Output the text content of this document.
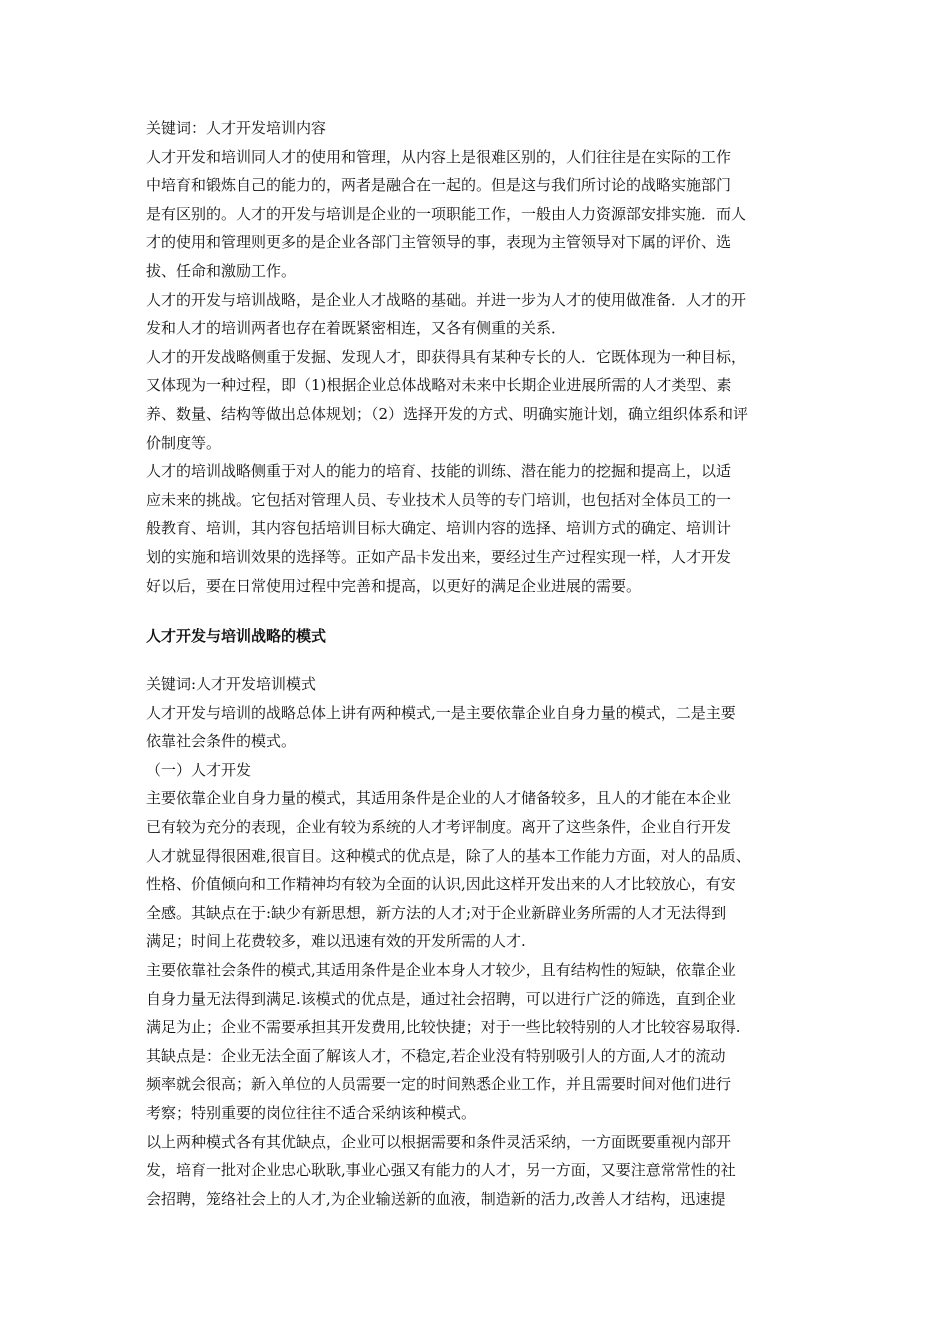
关键词：人才开发培训内容
人才开发和培训同人才的使用和管理，从内容上是很难区别的，人们往往是在实际的工作
中培育和锻炼自己的能力的，两者是融合在一起的。但是这与我们所讨论的战略实施部门
是有区别的。人才的开发与培训是企业的一项职能工作，一般由人力资源部安排实施．而人
才的使用和管理则更多的是企业各部门主管领导的事，表现为主管领导对下属的评价、选
拔、任命和激励工作。
人才的开发与培训战略，是企业人才战略的基础。并进一步为人才的使用做准备．人才的开
发和人才的培训两者也存在着既紧密相连，又各有侧重的关系．
人才的开发战略侧重于发掘、发现人才，即获得具有某种专长的人．它既体现为一种目标，
又体现为一种过程，即（1)根据企业总体战略对未来中长期企业进展所需的人才类型、素
养、数量、结构等做出总体规划；（2）选择开发的方式、明确实施计划，确立组织体系和评
价制度等。
人才的培训战略侧重于对人的能力的培育、技能的训练、潜在能力的挖掘和提高上，以适
应未来的挑战。它包括对管理人员、专业技术人员等的专门培训，也包括对全体员工的一
般教育、培训，其内容包括培训目标大确定、培训内容的选择、培训方式的确定、培训计
划的实施和培训效果的选择等。正如产品卡发出来，要经过生产过程实现一样，人才开发
好以后，要在日常使用过程中完善和提高，以更好的满足企业进展的需要。
人才开发与培训战略的模式
关键词:人才开发培训模式
人才开发与培训的战略总体上讲有两种模式,一是主要依靠企业自身力量的模式，二是主要
依靠社会条件的模式。
（一）人才开发
主要依靠企业自身力量的模式，其适用条件是企业的人才储备较多，且人的才能在本企业
已有较为充分的表现，企业有较为系统的人才考评制度。离开了这些条件，企业自行开发
人才就显得很困难,很盲目。这种模式的优点是，除了人的基本工作能力方面，对人的品质、
性格、价值倾向和工作精神均有较为全面的认识,因此这样开发出来的人才比较放心，有安
全感。其缺点在于:缺少有新思想，新方法的人才;对于企业新辟业务所需的人才无法得到
满足；时间上花费较多，难以迅速有效的开发所需的人才.
主要依靠社会条件的模式,其适用条件是企业本身人才较少，且有结构性的短缺，依靠企业
自身力量无法得到满足.该模式的优点是，通过社会招聘，可以进行广泛的筛选，直到企业
满足为止；企业不需要承担其开发费用,比较快捷；对于一些比较特别的人才比较容易取得.
其缺点是：企业无法全面了解该人才，不稳定,若企业没有特别吸引人的方面,人才的流动
频率就会很高；新入单位的人员需要一定的时间熟悉企业工作，并且需要时间对他们进行
考察；特别重要的岗位往往不适合采纳该种模式。
以上两种模式各有其优缺点，企业可以根据需要和条件灵活采纳，一方面既要重视内部开
发，培育一批对企业忠心耿耿,事业心强又有能力的人才，另一方面，又要注意常常性的社
会招聘，笼络社会上的人才,为企业输送新的血液，制造新的活力,改善人才结构，迅速提
